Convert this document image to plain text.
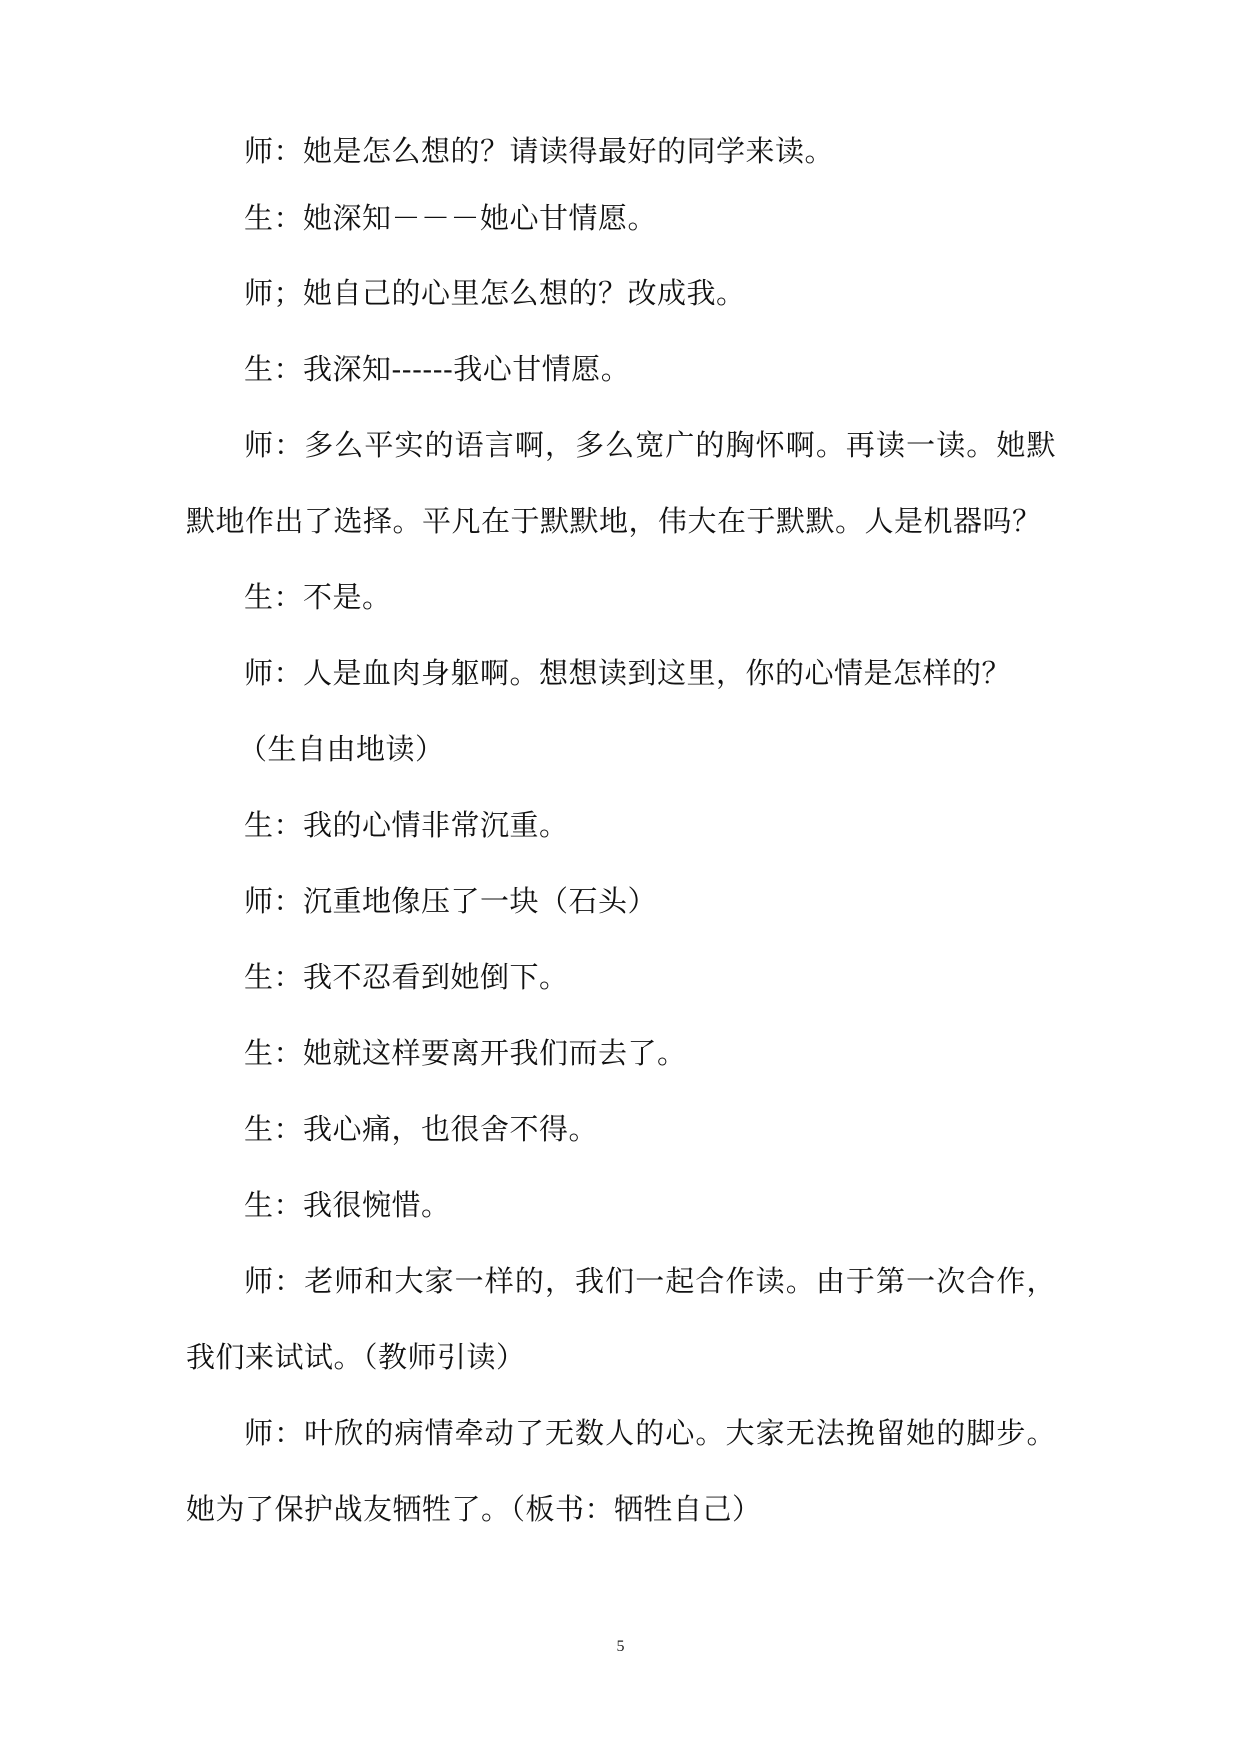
师：她是怎么想的？请读得最好的同学来读。

生：她深知－－－她心甘情愿。

师；她自己的心里怎么想的？改成我。

生：我深知------我心甘情愿。

师：多么平实的语言啊，多么宽广的胸怀啊。再读一读。她默默地作出了选择。平凡在于默默地，伟大在于默默。人是机器吗？

生：不是。

师：人是血肉身躯啊。想想读到这里，你的心情是怎样的？

（生自由地读）

生：我的心情非常沉重。

师：沉重地像压了一块（石头）

生：我不忍看到她倒下。

生：她就这样要离开我们而去了。

生：我心痛，也很舍不得。

生：我很惋惜。

师：老师和大家一样的，我们一起合作读。由于第一次合作，我们来试试。（教师引读）

师：叶欣的病情牵动了无数人的心。大家无法挽留她的脚步。她为了保护战友牺牲了。（板书：牺牲自己）

5
